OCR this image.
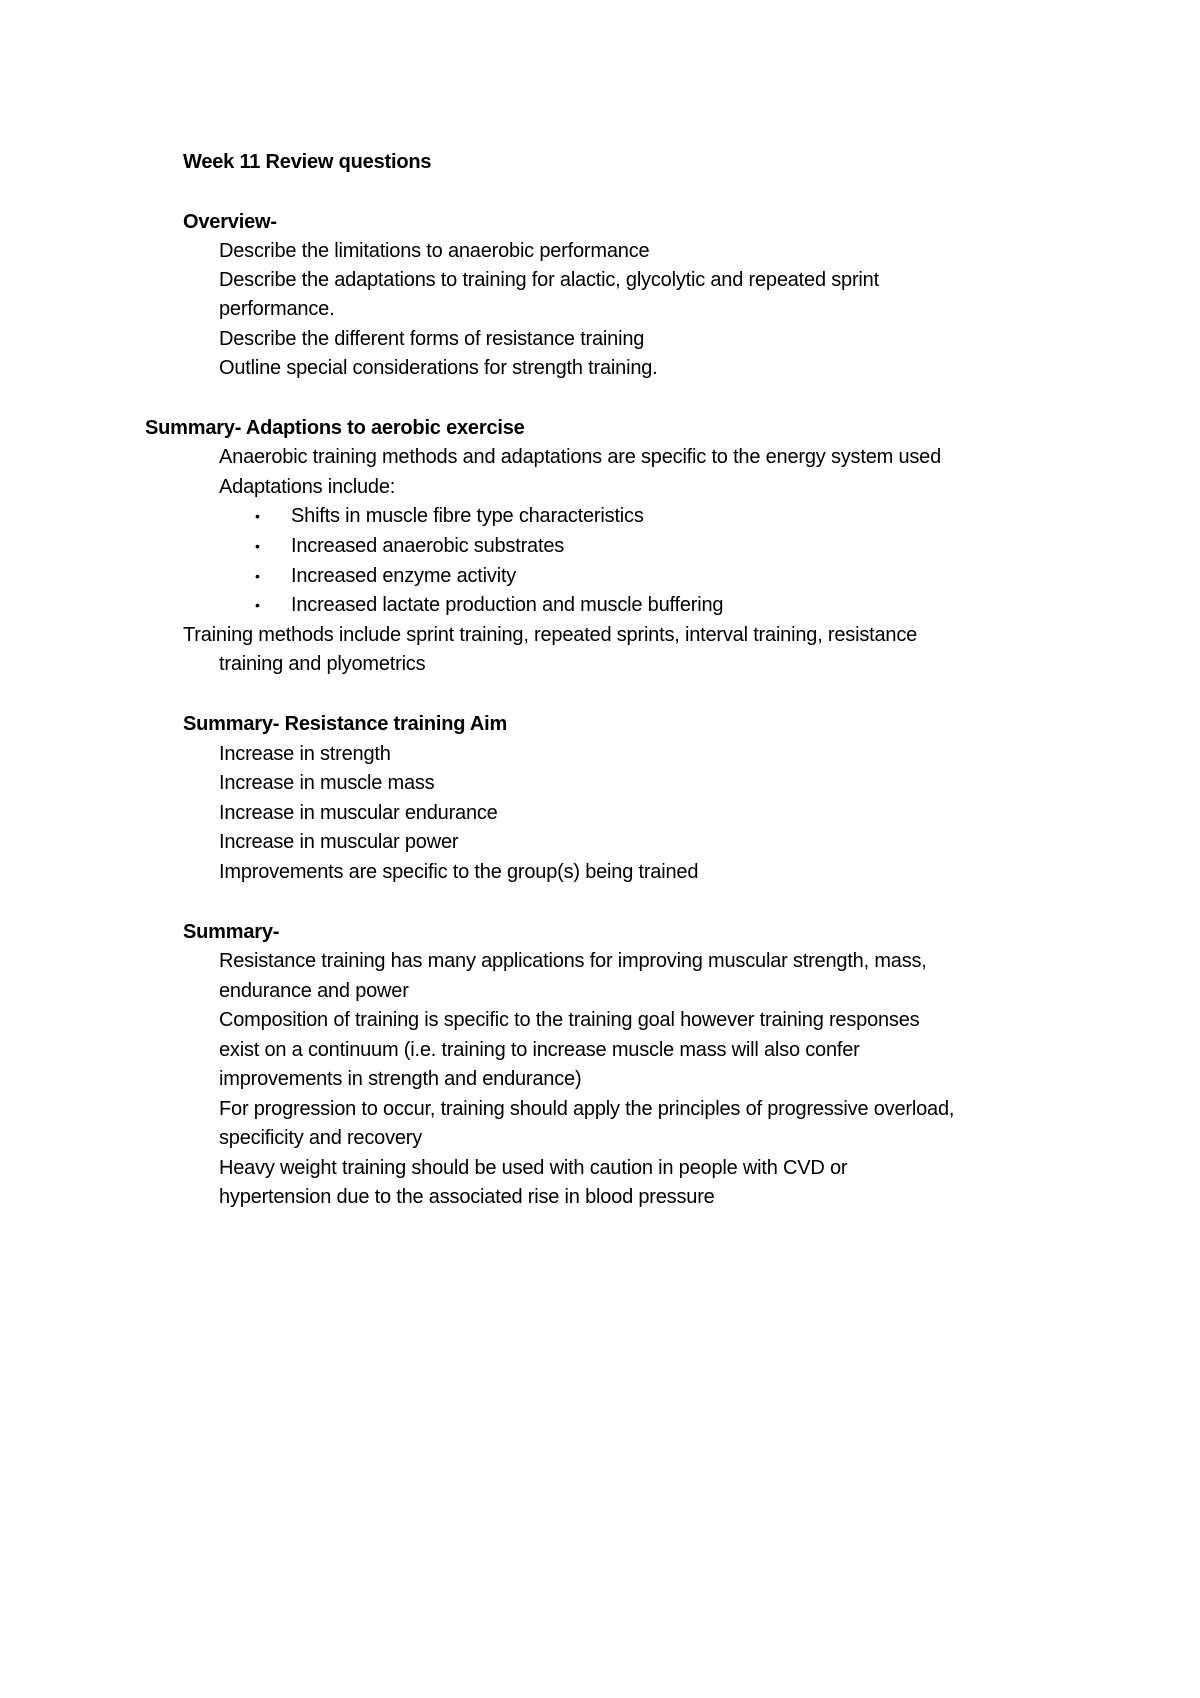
Week 11 Review questions
Overview-
Describe the limitations to anaerobic performance
Describe the adaptations to training for alactic, glycolytic and repeated sprint
performance.
Describe the different forms of resistance training
Outline special considerations for strength training.
Summary- Adaptions to aerobic exercise
Anaerobic training methods and adaptations are specific to the energy system used
Adaptations include:
• Shifts in muscle fibre type characteristics
• Increased anaerobic substrates
• Increased enzyme activity
• Increased lactate production and muscle buffering
Training methods include sprint training, repeated sprints, interval training, resistance
training and plyometrics
Summary- Resistance training Aim
Increase in strength
Increase in muscle mass
Increase in muscular endurance
Increase in muscular power
Improvements are specific to the group(s) being trained
Summary-
Resistance training has many applications for improving muscular strength, mass,
endurance and power
Composition of training is specific to the training goal however training responses
exist on a continuum (i.e. training to increase muscle mass will also confer
improvements in strength and endurance)
For progression to occur, training should apply the principles of progressive overload,
specificity and recovery
Heavy weight training should be used with caution in people with CVD or
hypertension due to the associated rise in blood pressure
